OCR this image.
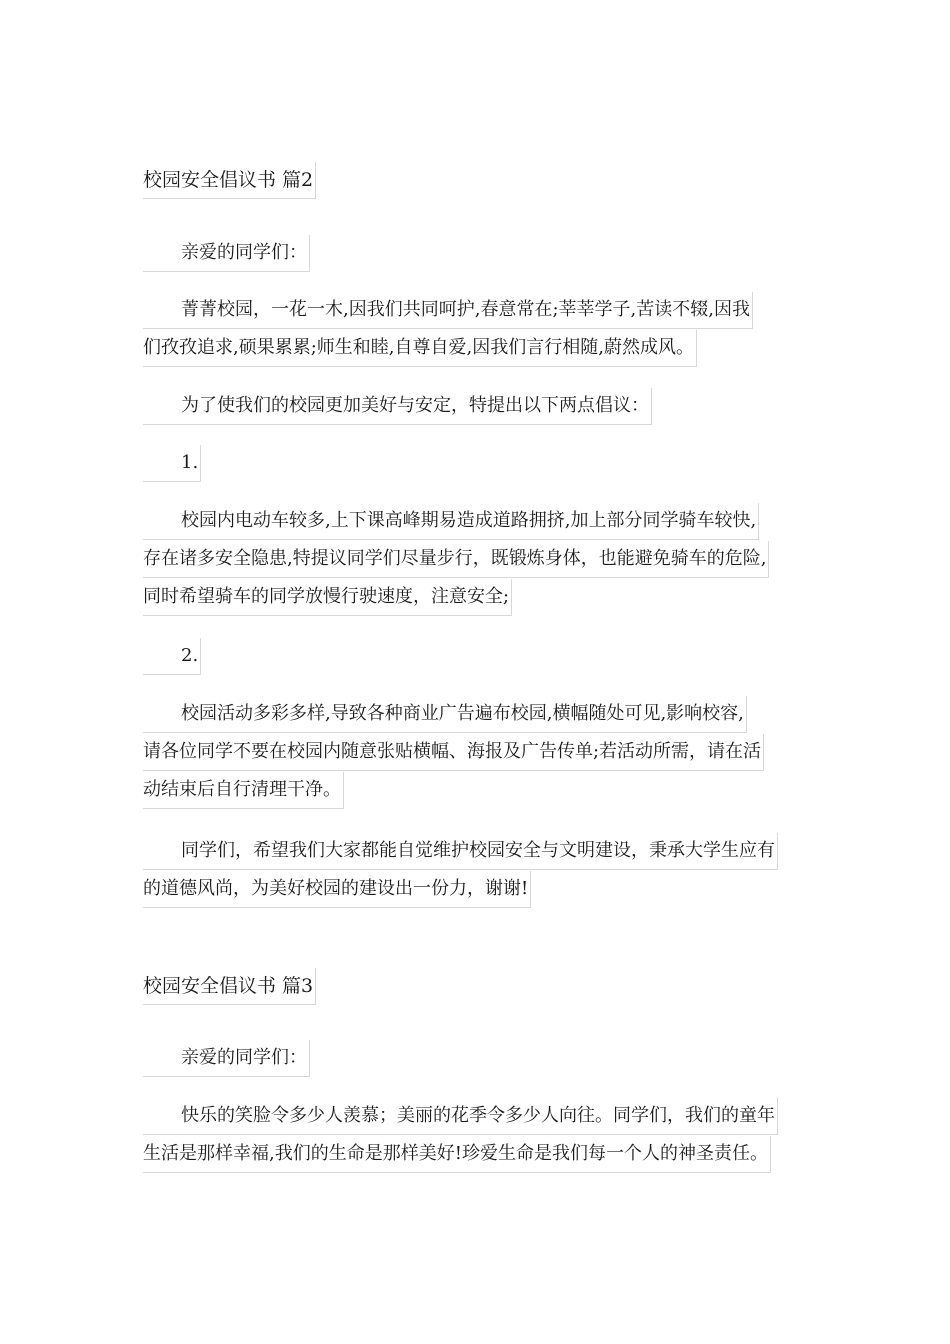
校园安全倡议书 篇2
亲爱的同学们：
菁菁校园，一花一木,因我们共同呵护,春意常在;莘莘学子,苦读不辍,因我
们孜孜追求,硕果累累;师生和睦,自尊自爱,因我们言行相随,蔚然成风。
为了使我们的校园更加美好与安定，特提出以下两点倡议：
1.
校园内电动车较多,上下课高峰期易造成道路拥挤,加上部分同学骑车较快,
存在诸多安全隐患,特提议同学们尽量步行，既锻炼身体，也能避免骑车的危险,
同时希望骑车的同学放慢行驶速度，注意安全;
2.
校园活动多彩多样,导致各种商业广告遍布校园,横幅随处可见,影响校容,
请各位同学不要在校园内随意张贴横幅、海报及广告传单;若活动所需，请在活
动结束后自行清理干净。
同学们，希望我们大家都能自觉维护校园安全与文明建设，秉承大学生应有
的道德风尚，为美好校园的建设出一份力，谢谢!
校园安全倡议书 篇3
亲爱的同学们：
快乐的笑脸令多少人羡慕；美丽的花季令多少人向往。同学们，我们的童年
生活是那样幸福,我们的生命是那样美好!珍爱生命是我们每一个人的神圣责任。
